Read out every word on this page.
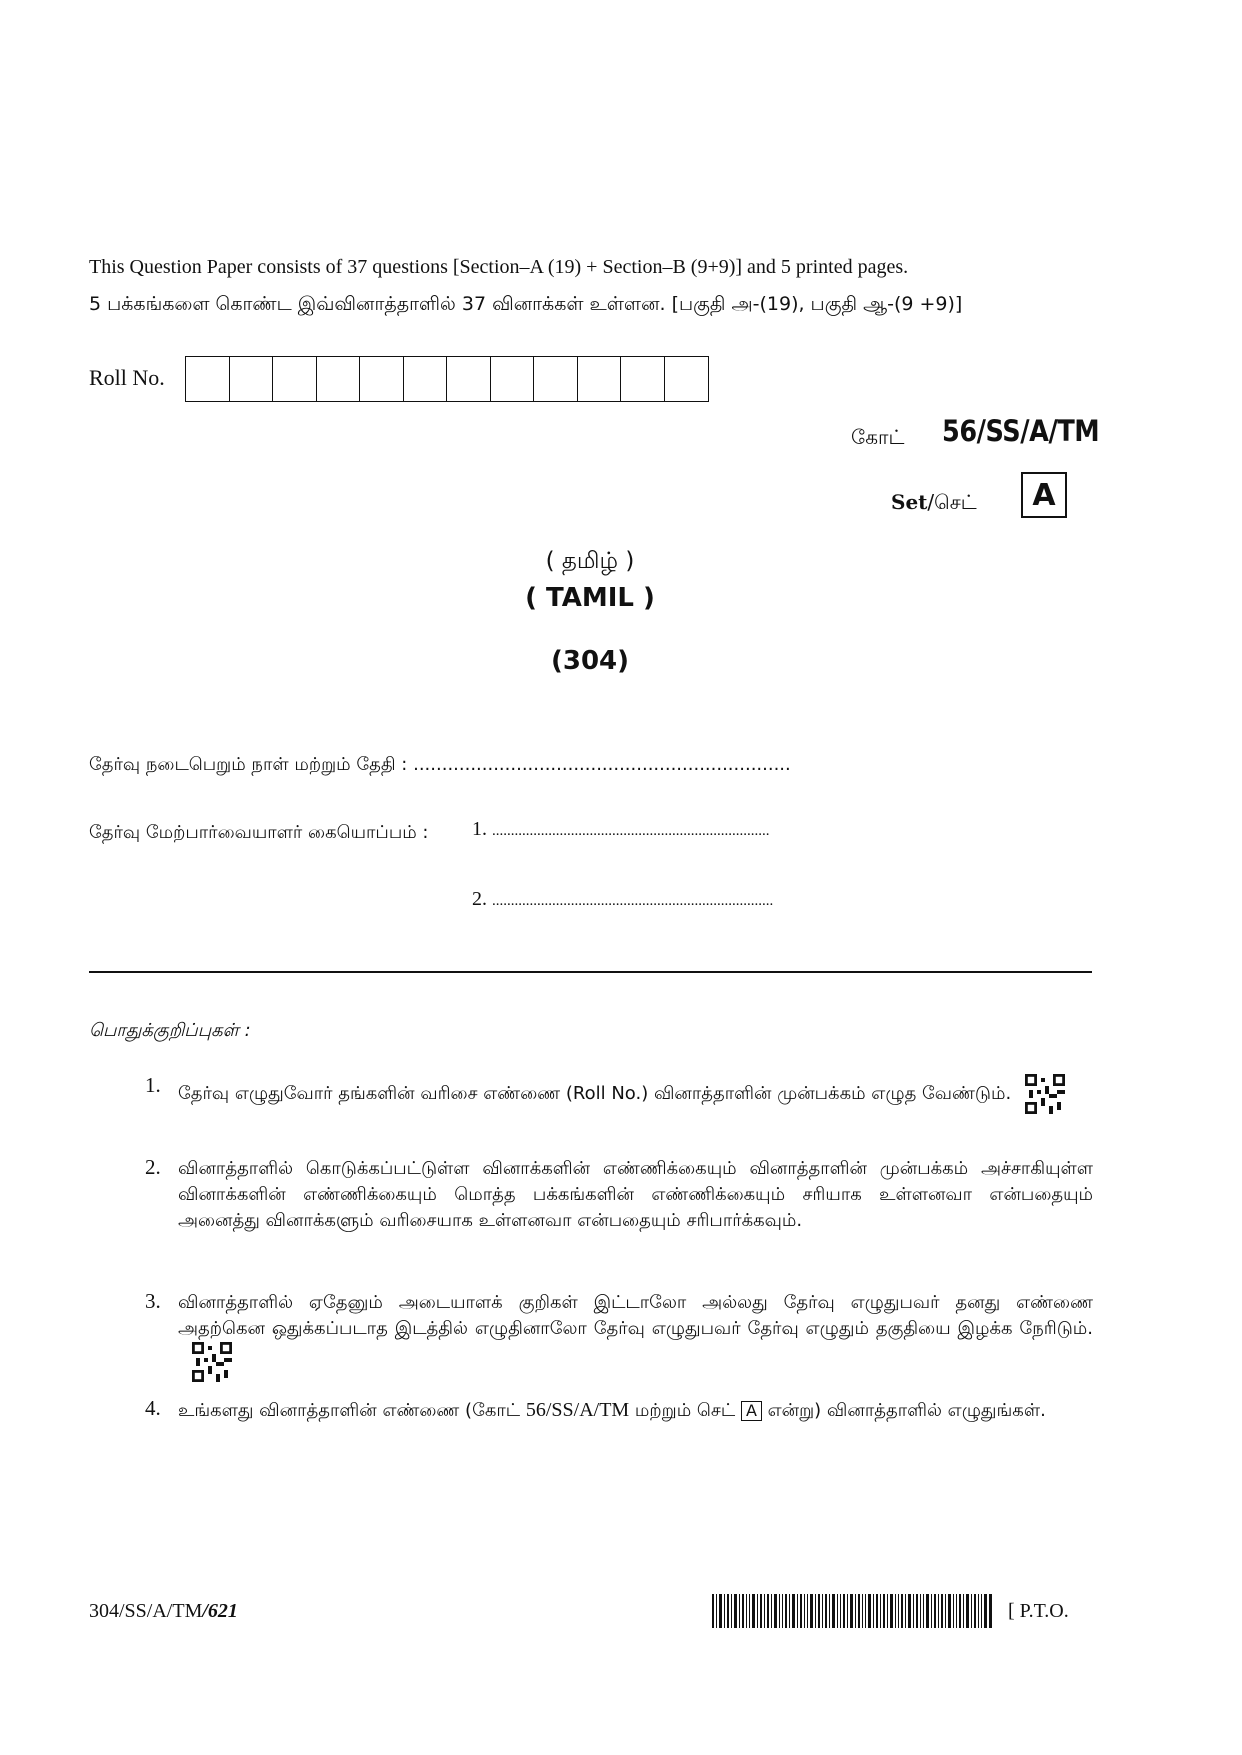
This Question Paper consists of 37 questions [Section–A (19) + Section–B (9+9)] and 5 printed pages.
5 பக்கங்களை கொண்ட இவ்வினாத்தாளில் 37 வினாக்கள் உள்ளன. [பகுதி அ-(19), பகுதி ஆ-(9 +9)]
Roll No.
கோட் 56/SS/A/TM
Set/செட்	A
( தமிழ் )
( TAMIL )
(304)
தேர்வு நடைபெறும் நாள் மற்றும் தேதி : ..................................................................
தேர்வு மேற்பார்வையாளர் கையொப்பம் : 1. ..........................................................................
2. ...........................................................................
பொதுக்குறிப்புகள் :
1. தேர்வு எழுதுவோர் தங்களின் வரிசை எண்ணை (Roll No.) வினாத்தாளின் முன்பக்கம் எழுத வேண்டும்.
2. வினாத்தாளில் கொடுக்கப்பட்டுள்ள வினாக்களின் எண்ணிக்கையும் வினாத்தாளின் முன்பக்கம் அச்சாகியுள்ள வினாக்களின் எண்ணிக்கையும் மொத்த பக்கங்களின் எண்ணிக்கையும் சரியாக உள்ளனவா என்பதையும் அனைத்து வினாக்களும் வரிசையாக உள்ளனவா என்பதையும் சரிபார்க்கவும்.
3. வினாத்தாளில் ஏதேனும் அடையாளக் குறிகள் இட்டாலோ அல்லது தேர்வு எழுதுபவர் தனது எண்ணை அதற்கென ஒதுக்கப்படாத இடத்தில் எழுதினாலோ தேர்வு எழுதுபவர் தேர்வு எழுதும் தகுதியை இழக்க நேரிடும்.
4. உங்களது வினாத்தாளின் எண்ணை (கோட் 56/SS/A/TM மற்றும் செட் A என்று) வினாத்தாளில் எழுதுங்கள்.
304/SS/A/TM/621	[ P.T.O.
